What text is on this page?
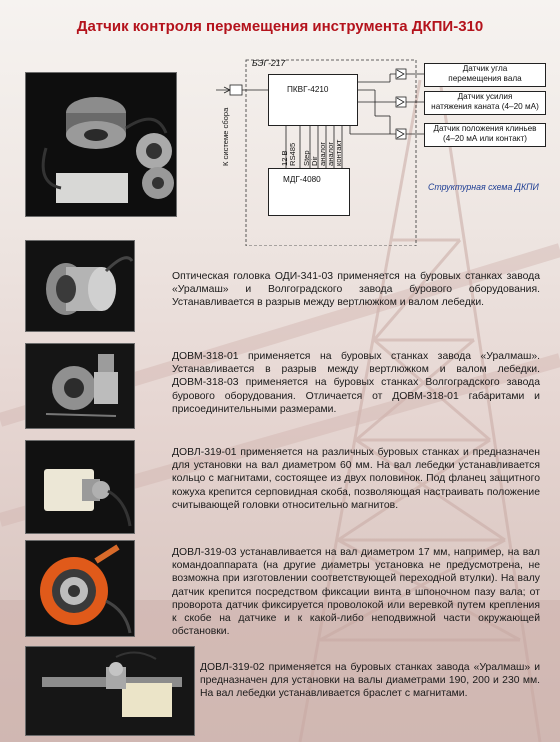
Датчик контроля перемещения инструмента ДКПИ-310
БЭГ-217
ПКВГ-4210
МДГ-4080
К системе сбора	12 В RS485 Step Dir аналог аналог контакт
Датчик угла
перемещения вала
Датчик усилия
натяжения каната (4–20 мА)
Датчик положения клиньев
(4–20 мА или контакт)
Структурная схема ДКПИ
Оптическая головка ОДИ-341-03 применяется на буровых станках завода «Уралмаш» и Волгоградского завода бурового оборудования. Устанавливается в разрыв между вертлюжком и валом лебедки.
ДОВМ-318-01 применяется на буровых станках завода «Уралмаш». Устанавливается в разрыв между вертлюжком и валом лебедки. ДОВМ-318-03 применяется на буровых станках Волгоградского завода бурового оборудования. Отличается от ДОВМ-318-01 габаритами и присоединительными размерами.
ДОВЛ-319-01 применяется на различных буровых станках и предназначен для установки на вал диаметром 60 мм. На вал лебедки устанавливается кольцо с магнитами, состоящее из двух половинок. Под фланец защитного кожуха крепится серповидная скоба, позволяющая настраивать положение считывающей головки относительно магнитов.
ДОВЛ-319-03 устанавливается на вал диаметром 17 мм, например, на вал командоаппарата (на другие диаметры установка не предусмотрена, не возможна при изготовлении соответствующей переходной втулки). На валу датчик крепится посредством фиксации винта в шпоночном пазу вала; от проворота датчик фиксируется проволокой или веревкой путем крепления к скобе на датчике и к какой-либо неподвижной части окружающей обстановки.
ДОВЛ-319-02 применяется на буровых станках завода «Уралмаш» и предназначен для установки на валы диаметрами 190, 200 и 230 мм. На вал лебедки устанавливается браслет с магнитами.
